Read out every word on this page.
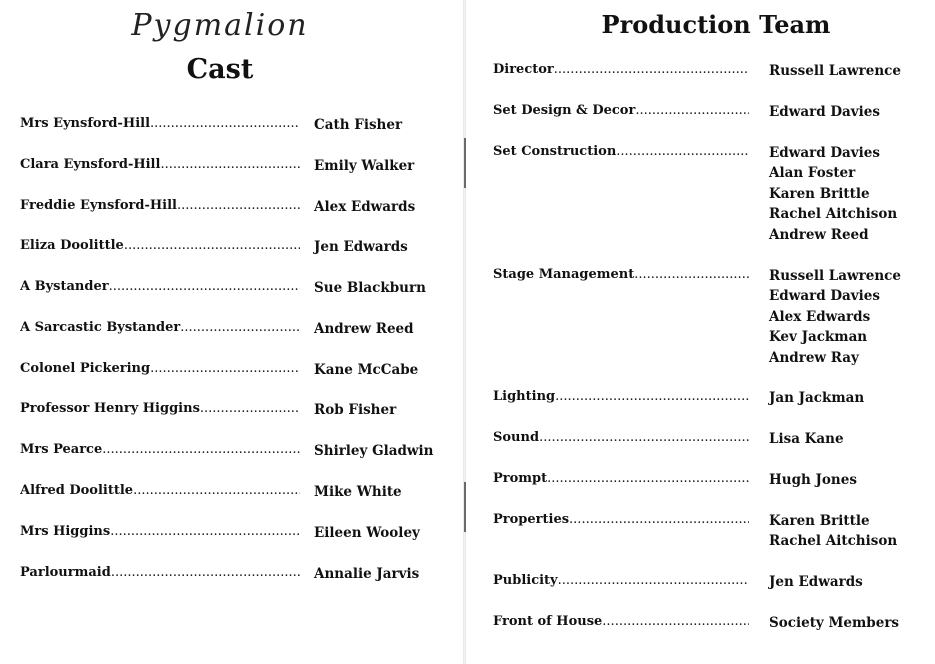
Pygmalion
Cast
Mrs Eynsford-Hill .....	Cath Fisher
Clara Eynsford-Hill .....	Emily Walker
Freddie Eynsford-Hill .....	Alex Edwards
Eliza Doolittle .....	Jen Edwards
A Bystander .....	Sue Blackburn
A Sarcastic Bystander .....	Andrew Reed
Colonel Pickering .....	Kane McCabe
Professor Henry Higgins .....	Rob Fisher
Mrs Pearce .....	Shirley Gladwin
Alfred Doolittle .....	Mike White
Mrs Higgins .....	Eileen Wooley
Parlourmaid .....	Annalie Jarvis
Production Team
Director .....	Russell Lawrence
Set Design & Decor .....	Edward Davies
Set Construction .....	Edward Davies
Alan Foster
Karen Brittle
Rachel Aitchison
Andrew Reed
Stage Management .....	Russell Lawrence
Edward Davies
Alex Edwards
Kev Jackman
Andrew Ray
Lighting .....	Jan Jackman
Sound .....	Lisa Kane
Prompt .....	Hugh Jones
Properties .....	Karen Brittle
Rachel Aitchison
Publicity .....	Jen Edwards
Front of House .....	Society Members
